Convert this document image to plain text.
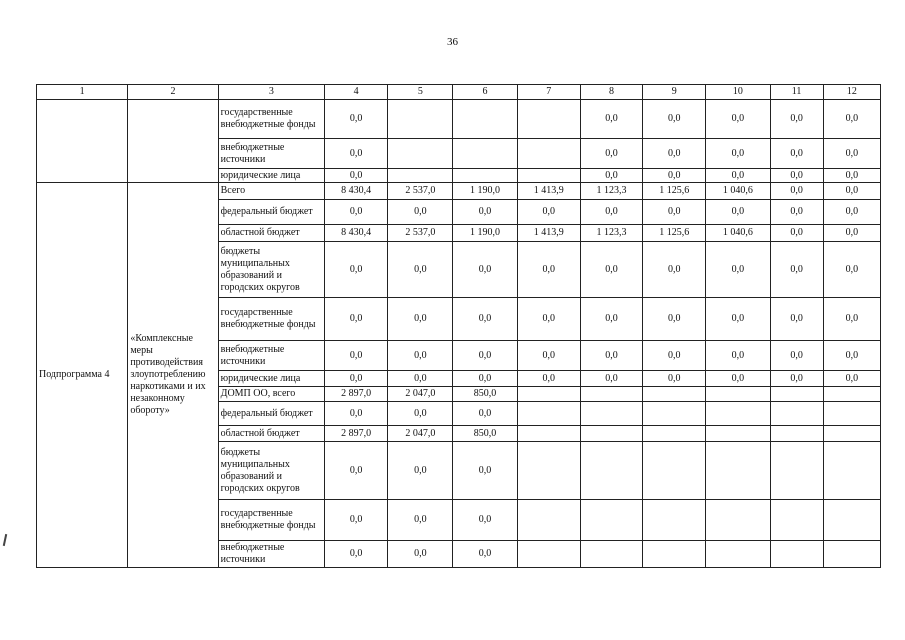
36
1	2	3	4	5	6	7	8	9	10	11	12
		государственные внебюджетные фонды	0,0				0,0	0,0	0,0	0,0	0,0
		внебюджетные источники	0,0				0,0	0,0	0,0	0,0	0,0
		юридические лица	0,0				0,0	0,0	0,0	0,0	0,0
Подпрограмма 4	«Комплексные меры противодействия злоупотреблению наркотиками и их незаконному обороту»	Всего	8 430,4	2 537,0	1 190,0	1 413,9	1 123,3	1 125,6	1 040,6	0,0	0,0
		федеральный бюджет	0,0	0,0	0,0	0,0	0,0	0,0	0,0	0,0	0,0
		областной бюджет	8 430,4	2 537,0	1 190,0	1 413,9	1 123,3	1 125,6	1 040,6	0,0	0,0
		бюджеты муниципальных образований и городских округов	0,0	0,0	0,0	0,0	0,0	0,0	0,0	0,0	0,0
		государственные внебюджетные фонды	0,0	0,0	0,0	0,0	0,0	0,0	0,0	0,0	0,0
		внебюджетные источники	0,0	0,0	0,0	0,0	0,0	0,0	0,0	0,0	0,0
		юридические лица	0,0	0,0	0,0	0,0	0,0	0,0	0,0	0,0	0,0
		ДОМП ОО, всего	2 897,0	2 047,0	850,0						
		федеральный бюджет	0,0	0,0	0,0						
		областной бюджет	2 897,0	2 047,0	850,0						
		бюджеты муниципальных образований и городских округов	0,0	0,0	0,0						
		государственные внебюджетные фонды	0,0	0,0	0,0						
		внебюджетные источники	0,0	0,0	0,0						
